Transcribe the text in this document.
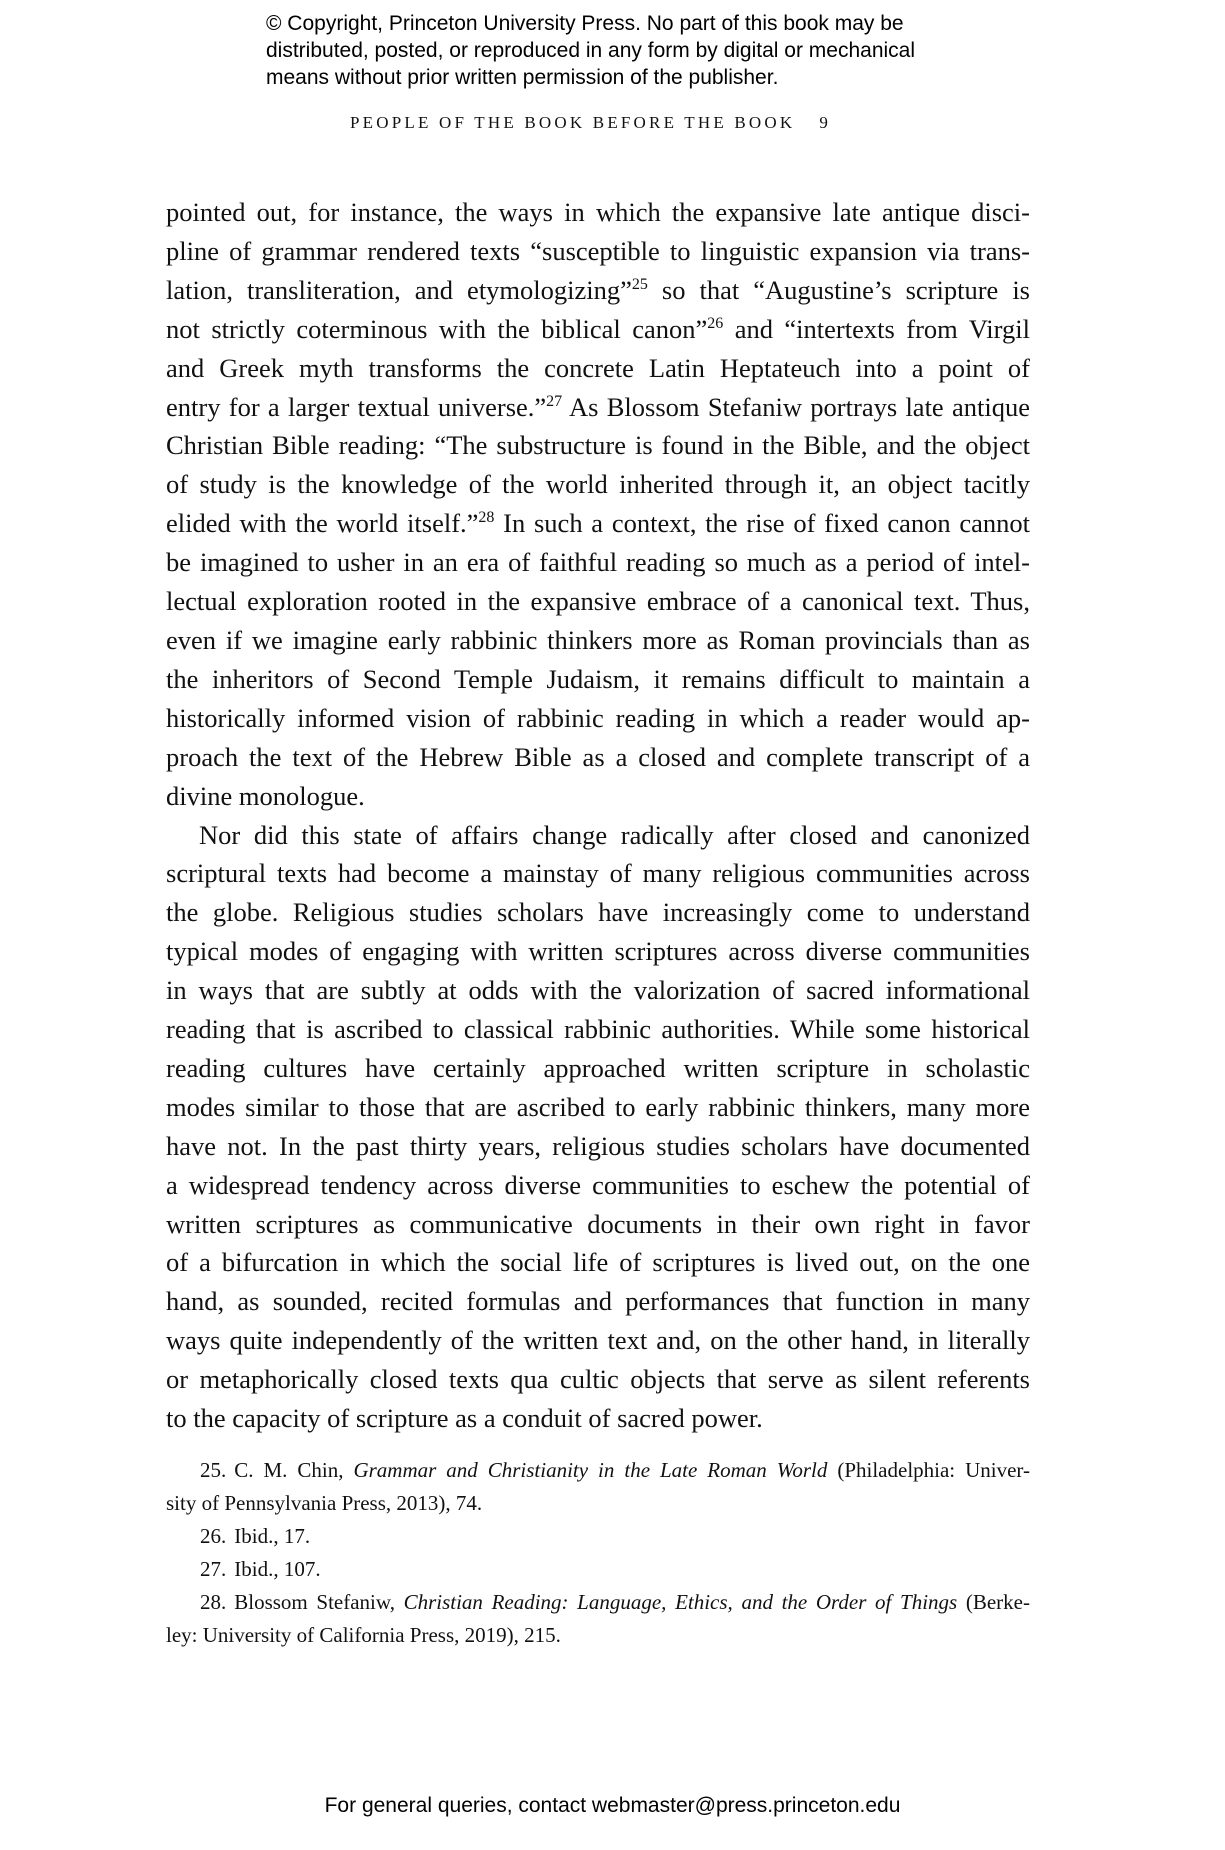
© Copyright, Princeton University Press. No part of this book may be
distributed, posted, or reproduced in any form by digital or mechanical
means without prior written permission of the publisher.
PEOPLE OF THE BOOK BEFORE THE BOOK 9
pointed out, for instance, the ways in which the expansive late antique disci-
pline of grammar rendered texts “susceptible to linguistic expansion via trans-
lation, transliteration, and etymologizing”$^{25}$ so that “Augustine’s scripture is
not strictly coterminous with the biblical canon”$^{26}$ and “intertexts from Virgil
and Greek myth transforms the concrete Latin Heptateuch into a point of
entry for a larger textual universe.”$^{27}$ As Blossom Stefaniw portrays late antique
Christian Bible reading: “The substructure is found in the Bible, and the object
of study is the knowledge of the world inherited through it, an object tacitly
elided with the world itself.”$^{28}$ In such a context, the rise of fixed canon cannot
be imagined to usher in an era of faithful reading so much as a period of intel-
lectual exploration rooted in the expansive embrace of a canonical text. Thus,
even if we imagine early rabbinic thinkers more as Roman provincials than as
the inheritors of Second Temple Judaism, it remains difficult to maintain a
historically informed vision of rabbinic reading in which a reader would ap-
proach the text of the Hebrew Bible as a closed and complete transcript of a
divine monologue.
Nor did this state of affairs change radically after closed and canonized
scriptural texts had become a mainstay of many religious communities across
the globe. Religious studies scholars have increasingly come to understand
typical modes of engaging with written scriptures across diverse communities
in ways that are subtly at odds with the valorization of sacred informational
reading that is ascribed to classical rabbinic authorities. While some historical
reading cultures have certainly approached written scripture in scholastic
modes similar to those that are ascribed to early rabbinic thinkers, many more
have not. In the past thirty years, religious studies scholars have documented
a widespread tendency across diverse communities to eschew the potential of
written scriptures as communicative documents in their own right in favor
of a bifurcation in which the social life of scriptures is lived out, on the one
hand, as sounded, recited formulas and performances that function in many
ways quite independently of the written text and, on the other hand, in literally
or metaphorically closed texts qua cultic objects that serve as silent referents
to the capacity of scripture as a conduit of sacred power.
25. C. M. Chin, Grammar and Christianity in the Late Roman World (Philadelphia: Univer-
sity of Pennsylvania Press, 2013), 74.
26. Ibid., 17.
27. Ibid., 107.
28. Blossom Stefaniw, Christian Reading: Language, Ethics, and the Order of Things (Berke-
ley: University of California Press, 2019), 215.
For general queries, contact webmaster@press.princeton.edu
